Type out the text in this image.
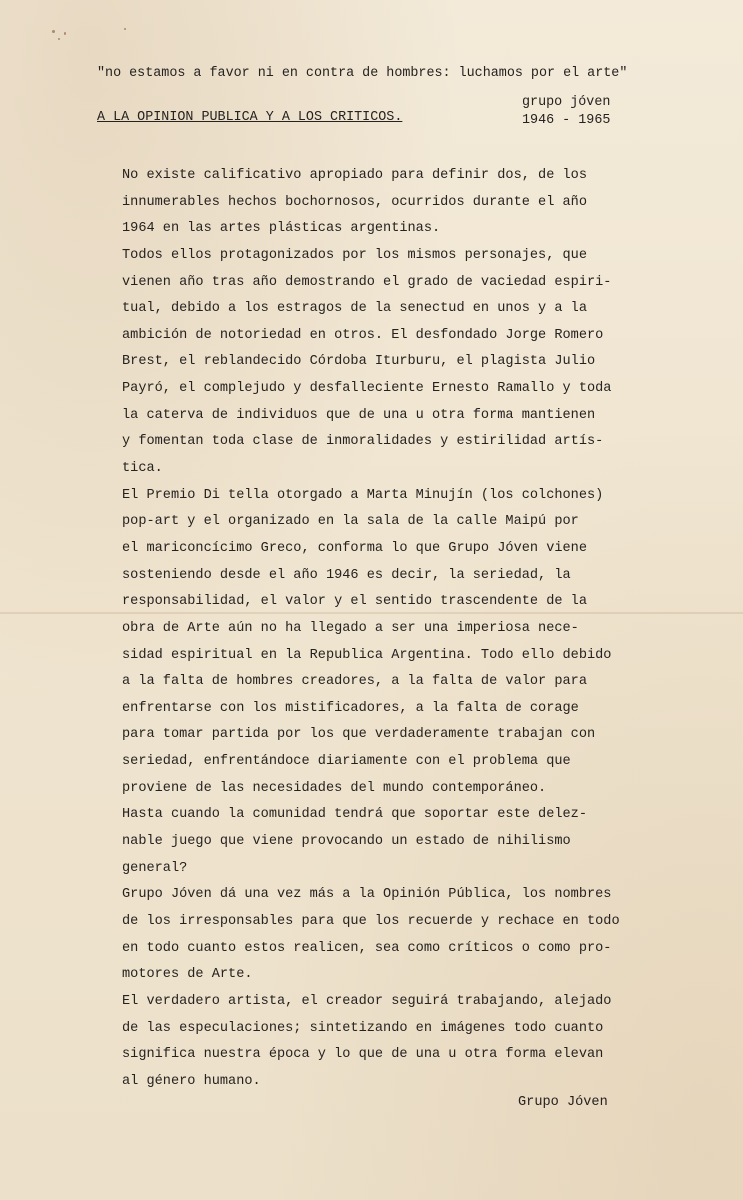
"no estamos a favor ni en contra de hombres: luchamos por el arte"
A LA OPINION PUBLICA Y A LOS CRITICOS.
grupo jóven
1946 - 1965
No existe calificativo apropiado para definir dos, de los
innumerables hechos bochornosos, ocurridos durante el año
1964 en las artes plásticas argentinas.
Todos ellos protagonizados por los mismos personajes, que
vienen año tras año demostrando el grado de vaciedad espiri-
tual, debido a los estragos de la senectud en unos y a la
ambición de notoriedad en otros. El desfondado Jorge Romero
Brest, el reblandecido Córdoba Iturburu, el plagista Julio
Payró, el complejudo y desfalleciente Ernesto Ramallo y toda
la caterva de individuos que de una u otra forma mantienen
y fomentan toda clase de inmoralidades y estirilidad artís-
tica.
El Premio Di tella otorgado a Marta Minujín (los colchones)
pop-art y el organizado en la sala de la calle Maipú por
el mariconcícimo Greco, conforma lo que Grupo Jóven viene
sosteniendo desde el año 1946 es decir, la seriedad, la
responsabilidad, el valor y el sentido trascendente de la
obra de Arte aún no ha llegado a ser una imperiosa nece-
sidad espiritual en la Republica Argentina. Todo ello debido
a la falta de hombres creadores, a la falta de valor para
enfrentarse con los mistificadores, a la falta de corage
para tomar partida por los que verdaderamente trabajan con
seriedad, enfrentándoce diariamente con el problema que
proviene de las necesidades del mundo contemporáneo.
Hasta cuando la comunidad tendrá que soportar este delez-
nable juego que viene provocando un estado de nihilismo
general?
Grupo Jóven dá una vez más a la Opinión Pública, los nombres
de los irresponsables para que los recuerde y rechace en todo
en todo cuanto estos realicen, sea como críticos o como pro-
motores de Arte.
El verdadero artista, el creador seguirá trabajando, alejado
de las especulaciones; sintetizando en imágenes todo cuanto
significa nuestra época y lo que de una u otra forma elevan
al género humano.
Grupo Jóven
